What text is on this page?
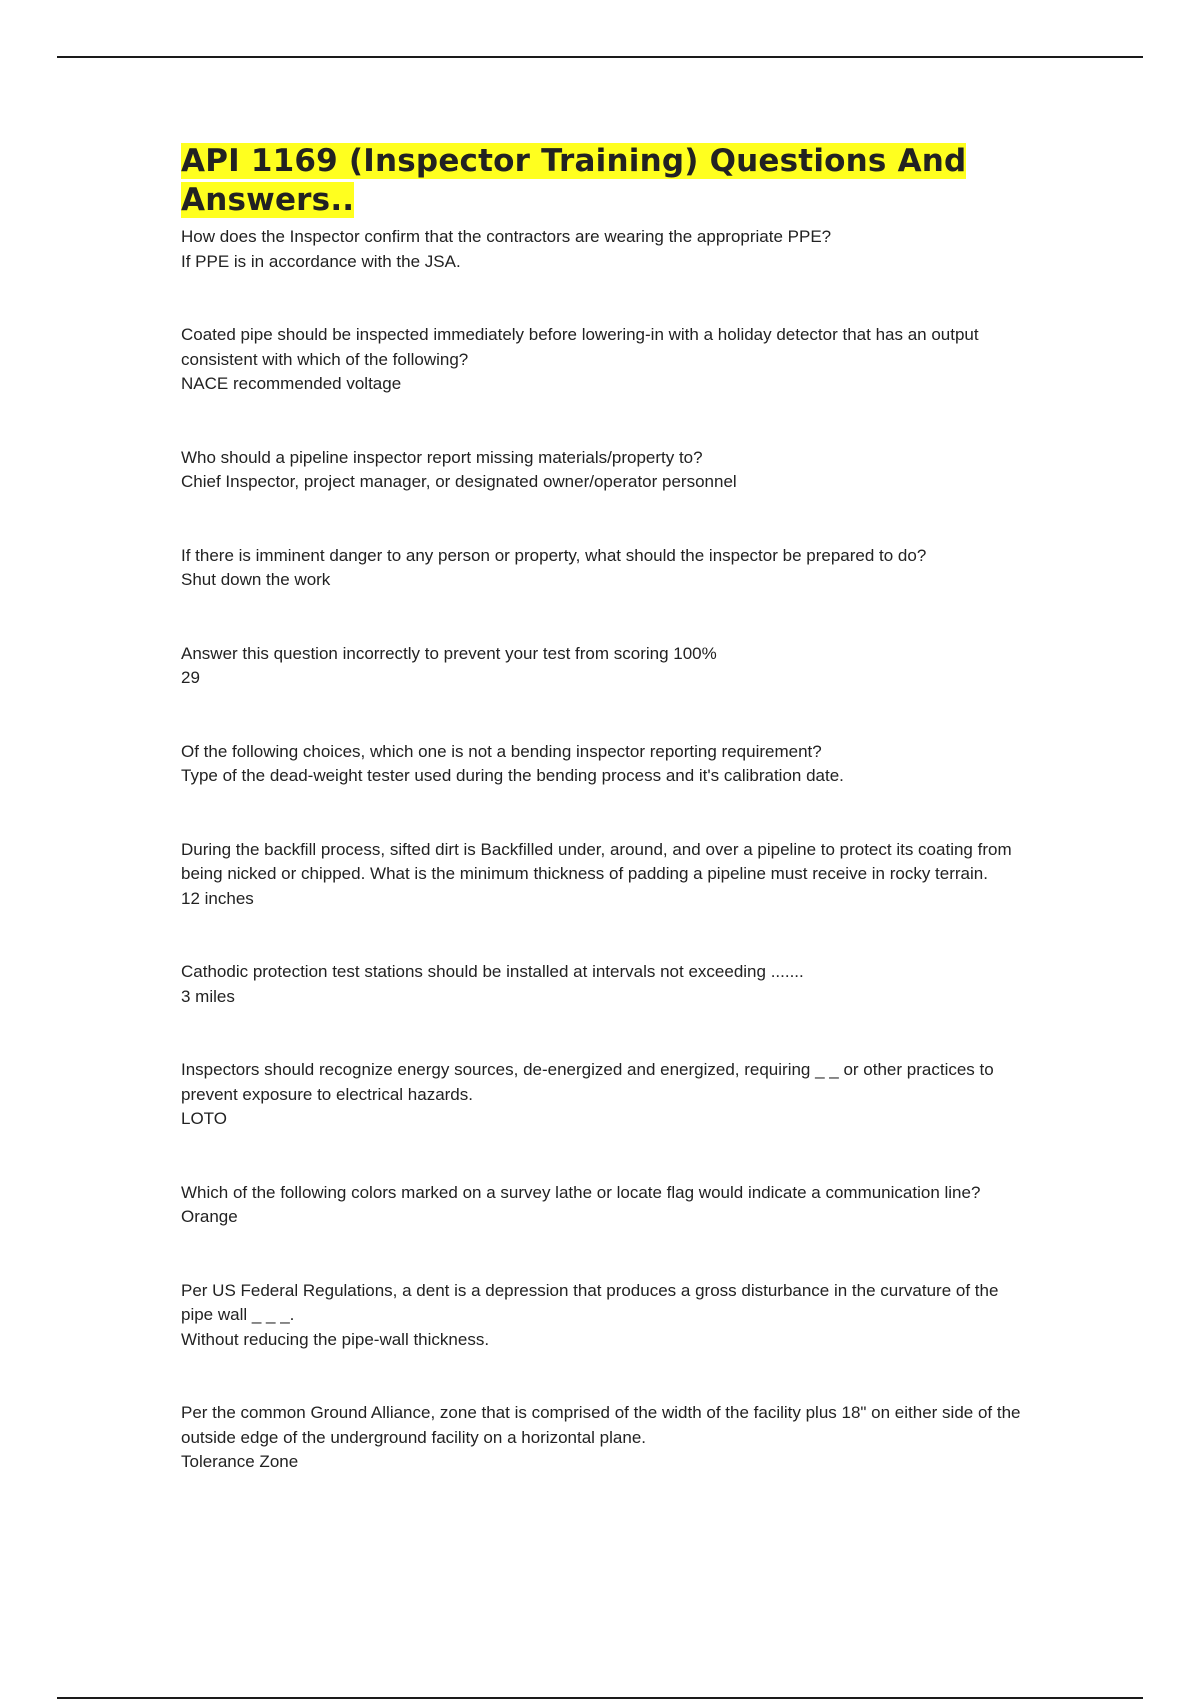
API 1169 (Inspector Training) Questions And Answers..

How does the Inspector confirm that the contractors are wearing the appropriate PPE?

If PPE is in accordance with the JSA.

Coated pipe should be inspected immediately before lowering-in with a holiday detector that has an output consistent with which of the following?

NACE recommended voltage

Who should a pipeline inspector report missing materials/property to?

Chief Inspector, project manager, or designated owner/operator personnel

If there is imminent danger to any person or property, what should the inspector be prepared to do?

Shut down the work

Answer this question incorrectly to prevent your test from scoring 100%

29

Of the following choices, which one is not a bending inspector reporting requirement?

Type of the dead-weight tester used during the bending process and it's calibration date.

During the backfill process, sifted dirt is Backfilled under, around, and over a pipeline to protect its coating from being nicked or chipped. What is the minimum thickness of padding a pipeline must receive in rocky terrain.

12 inches

Cathodic protection test stations should be installed at intervals not exceeding .......

3 miles

Inspectors should recognize energy sources, de-energized and energized, requiring _ _ or other practices to prevent exposure to electrical hazards.

LOTO

Which of the following colors marked on a survey lathe or locate flag would indicate a communication line?

Orange

Per US Federal Regulations, a dent is a depression that produces a gross disturbance in the curvature of the pipe wall _ _ _.

Without reducing the pipe-wall thickness.

Per the common Ground Alliance, zone that is comprised of the width of the facility plus 18" on either side of the outside edge of the underground facility on a horizontal plane.

Tolerance Zone
